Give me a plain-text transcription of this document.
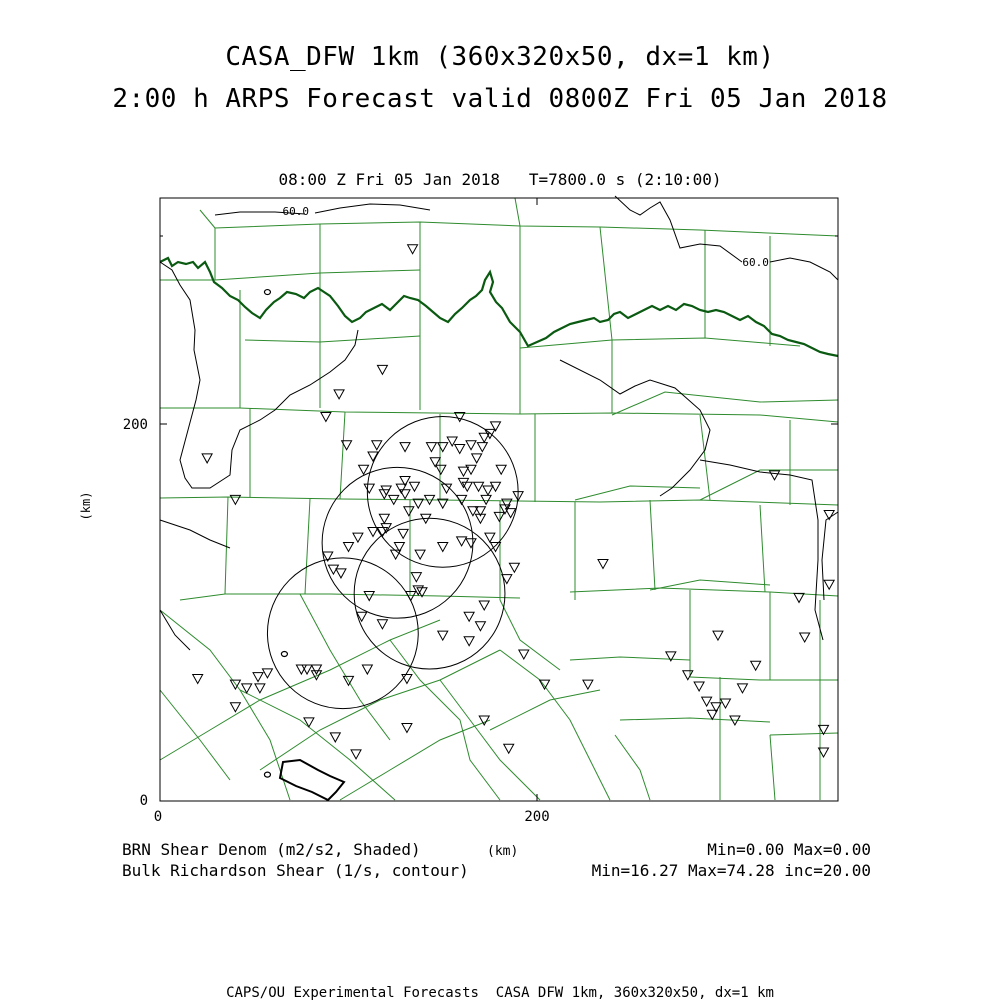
CASA_DFW 1km (360x320x50, dx=1 km)
2:00 h ARPS Forecast valid 0800Z Fri 05 Jan 2018
08:00 Z Fri 05 Jan 2018   T=7800.0 s (2:10:00)
60.0
60.0
0	200
0
200
(km)
BRN Shear Denom (m2/s2, Shaded)
Bulk Richardson Shear (1/s, contour)
(km)	Min=0.00 Max=0.00
Min=16.27 Max=74.28 inc=20.00
CAPS/OU Experimental Forecasts  CASA DFW 1km, 360x320x50, dx=1 km
